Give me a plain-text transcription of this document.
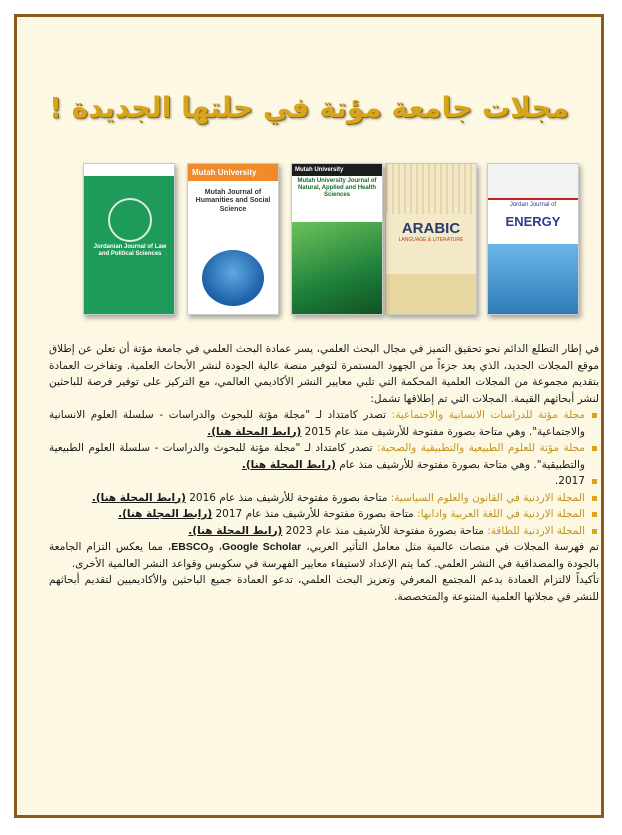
مجلات جامعة مؤتة في حلتها الجديدة !
Jordan Journal of
ENERGY
ARABIC
LANGUAGE & LITERATURE
Mutah University
Mutah University Journal of Natural, Applied and Health Sciences
Mutah University
Mutah Journal of Humanities and Social Science
Jordanian Journal of Law and Political Sciences

في إطار التطلع الدائم نحو تحقيق التميز في مجال البحث العلمي، يسر عمادة البحث العلمي في جامعة مؤتة أن تعلن عن إطلاق موقع المجلات الجديد، الذي يعد جزءاً من الجهود المستمرة لتوفير منصة عالية الجودة لنشر الأبحاث العلمية. وتفاخرت العمادة بتقديم مجموعة من المجلات العلمية المحكمة التي تلبي معايير النشر الأكاديمي العالمي، مع التركيز على توفير فرصة للباحثين لنشر أبحاثهم القيمة. المجلات التي تم إطلاقها تشمل:

مجلة مؤتة للدراسات الانسانية والاجتماعية: تصدر كامتداد لـ "مجلة مؤتة للبحوث والدراسات - سلسلة العلوم الانسانية والاجتماعية". وهي متاحة بصورة مفتوحة للأرشيف منذ عام 2015 (رابط المجلة هنا).
مجلة مؤتة للعلوم الطبيعية والتطبيقية والصحية: تصدر كامتداد لـ "مجلة مؤتة للبحوث والدراسات - سلسلة العلوم الطبيعية والتطبيقية". وهي متاحة بصورة مفتوحة للأرشيف منذ عام (رابط المجلة هنا).
2017.
المجلة الاردنية في القانون والعلوم السياسية: متاحة بصورة مفتوحة للأرشيف منذ عام 2016 (رابط المجلة هنا).
المجلة الاردنية في اللغة العربية وادابها: متاحة بصورة مفتوحة للأرشيف منذ عام 2017 (رابط المجلة هنا).
المجلة الاردنية للطاقة: متاحة بصورة مفتوحة للأرشيف منذ عام 2023 (رابط المجلة هنا).

تم فهرسة المجلات في منصات عالمية مثل معامل التأثير العربي، Google Scholar، وEBSCO، مما يعكس التزام الجامعة بالجودة والمصداقية في النشر العلمي. كما يتم الإعداد لاستيفاء معايير الفهرسة في سكوبس وقواعد النشر العالمية الأخرى.

تأكيداً لالتزام العمادة بدعم المجتمع المعرفي وتعزيز البحث العلمي، تدعو العمادة جميع الباحثين والأكاديميين لتقديم أبحاثهم للنشر في مجلاتها العلمية المتنوعة والمتخصصة.
